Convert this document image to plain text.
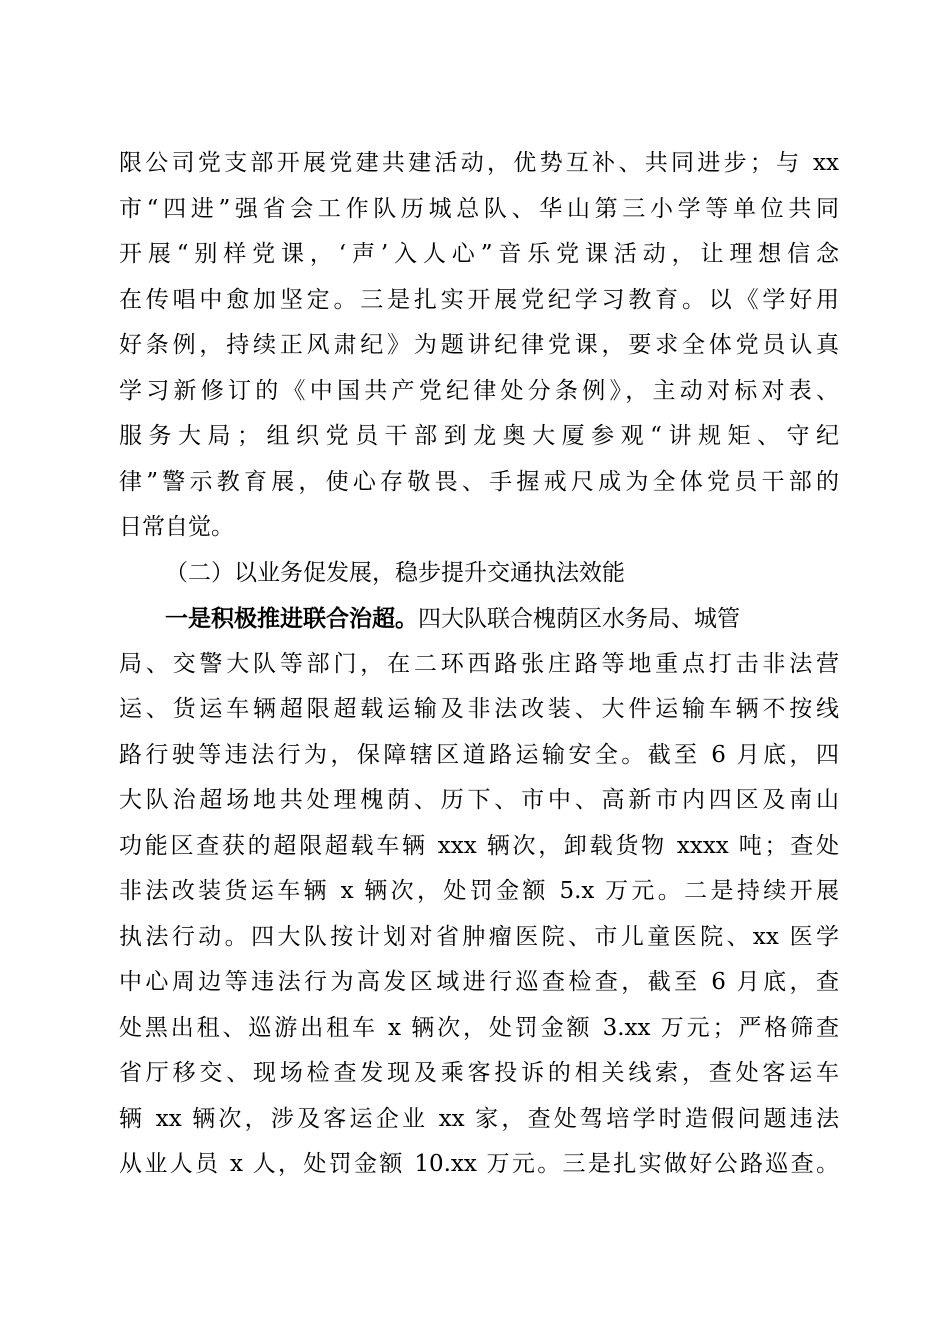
限公司党支部开展党建共建活动，优势互补、共同进步；与 xx
市“四进”强省会工作队历城总队、华山第三小学等单位共同
开展“别样党课，‘声’入人心”音乐党课活动，让理想信念
在传唱中愈加坚定。三是扎实开展党纪学习教育。以《学好用
好条例，持续正风肃纪》为题讲纪律党课，要求全体党员认真
学习新修订的《中国共产党纪律处分条例》，主动对标对表、
服务大局；组织党员干部到龙奥大厦参观“讲规矩、守纪
律”警示教育展，使心存敬畏、手握戒尺成为全体党员干部的
日常自觉。
（二）以业务促发展，稳步提升交通执法效能
一是积极推进联合治超。四大队联合槐荫区水务局、城管
局、交警大队等部门，在二环西路张庄路等地重点打击非法营
运、货运车辆超限超载运输及非法改装、大件运输车辆不按线
路行驶等违法行为，保障辖区道路运输安全。截至 6 月底，四
大队治超场地共处理槐荫、历下、市中、高新市内四区及南山
功能区查获的超限超载车辆 xxx 辆次，卸载货物 xxxx 吨；查处
非法改装货运车辆 x 辆次，处罚金额 5.x 万元。二是持续开展
执法行动。四大队按计划对省肿瘤医院、市儿童医院、xx 医学
中心周边等违法行为高发区域进行巡查检查，截至 6 月底，查
处黑出租、巡游出租车 x 辆次，处罚金额 3.xx 万元；严格筛查
省厅移交、现场检查发现及乘客投诉的相关线索，查处客运车
辆 xx 辆次，涉及客运企业 xx 家，查处驾培学时造假问题违法
从业人员 x 人，处罚金额 10.xx 万元。三是扎实做好公路巡查。
